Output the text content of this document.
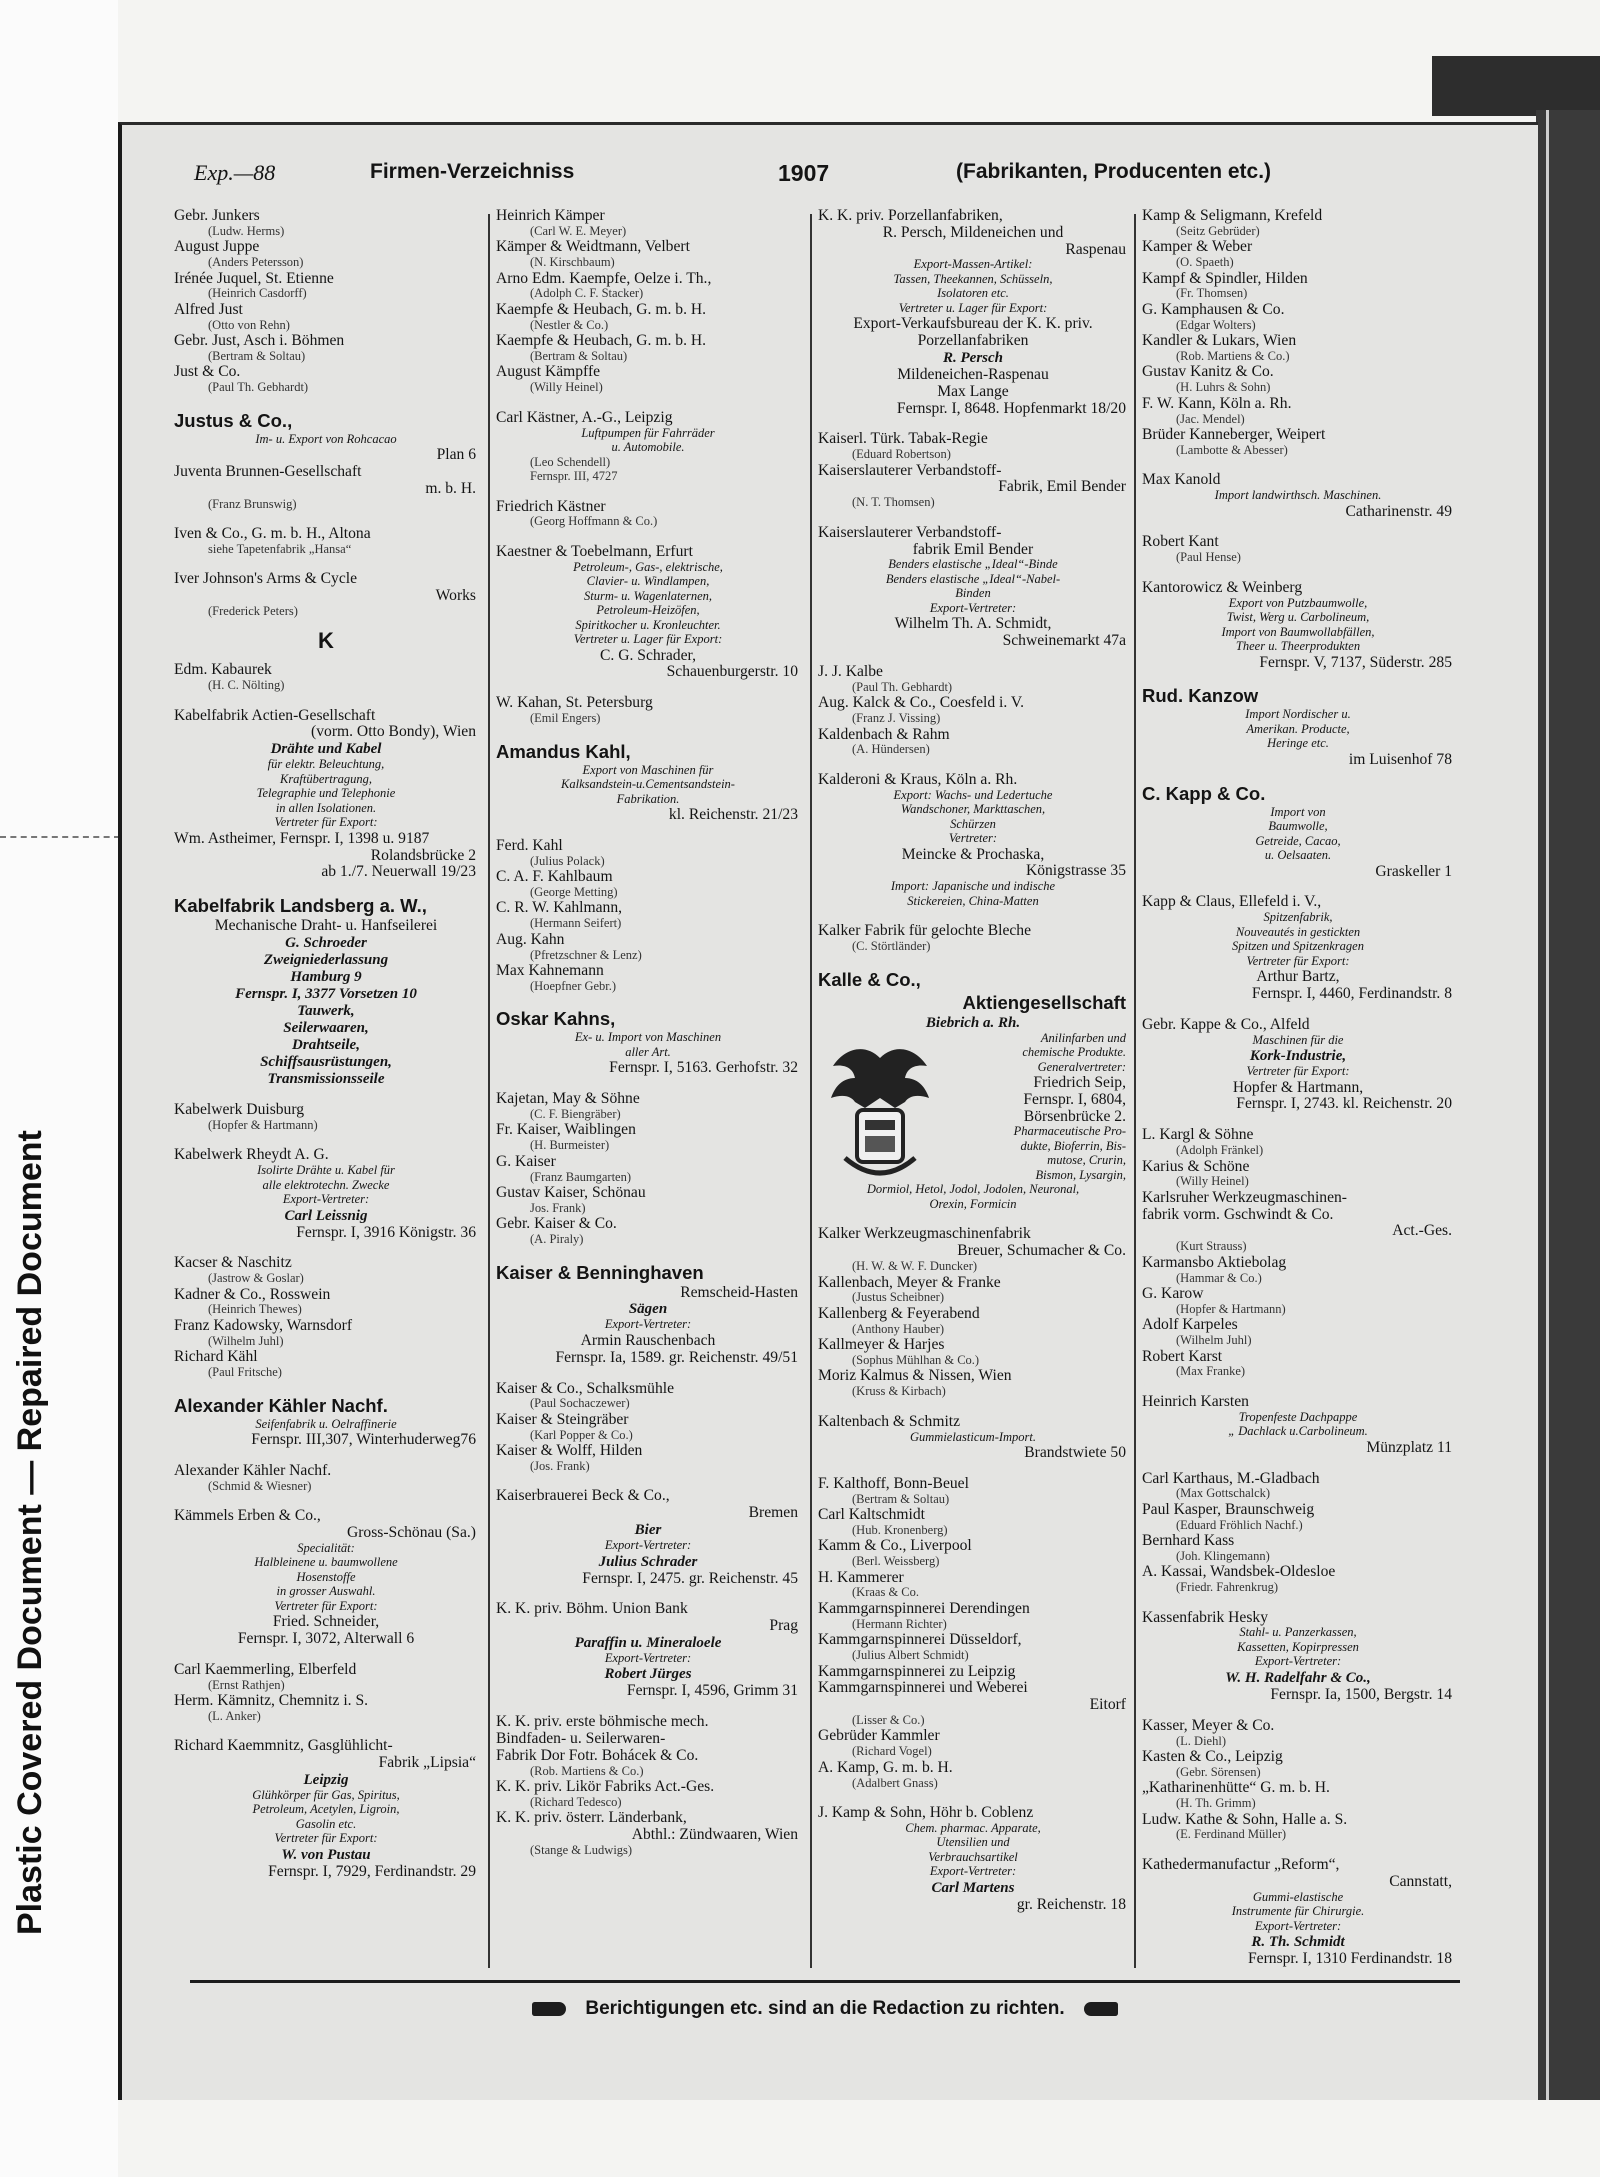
Plastic Covered Document — Repaired Document
Exp.—88	Firmen-Verzeichniss	1907	(Fabrikanten, Producenten etc.)

Gebr. Junkers

(Ludw. Herms)

August Juppe

(Anders Petersson)

Irénée Juquel, St. Etienne

(Heinrich Casdorff)

Alfred Just

(Otto von Rehn)

Gebr. Just, Asch i. Böhmen

(Bertram & Soltau)

Just & Co.

(Paul Th. Gebhardt)

Justus & Co.,

Im- u. Export von Rohcacao

Plan 6

Juventa Brunnen-Gesellschaft

m. b. H.

(Franz Brunswig)

Iven & Co., G. m. b. H., Altona

siehe Tapetenfabrik „Hansa“

Iver Johnson's Arms & Cycle

Works

(Frederick Peters)

K

Edm. Kabaurek

(H. C. Nölting)

Kabelfabrik Actien-Gesellschaft

(vorm. Otto Bondy), Wien

Drähte und Kabel

für elektr. Beleuchtung,

Kraftübertragung,

Telegraphie und Telephonie

in allen Isolationen.

Vertreter für Export:

Wm. Astheimer, Fernspr. I, 1398 u. 9187

Rolandsbrücke 2

ab 1./7. Neuerwall 19/23

Kabelfabrik Landsberg a. W.,

Mechanische Draht- u. Hanfseilerei

G. Schroeder

Zweigniederlassung

Hamburg 9

Fernspr. I, 3377 Vorsetzen 10

Tauwerk,

Seilerwaaren,

Drahtseile,

Schiffsausrüstungen,

Transmissionsseile

Kabelwerk Duisburg

(Hopfer & Hartmann)

Kabelwerk Rheydt A. G.

Isolirte Drähte u. Kabel für

alle elektrotechn. Zwecke

Export-Vertreter:

Carl Leissnig

Fernspr. I, 3916 Königstr. 36

Kacser & Naschitz

(Jastrow & Goslar)

Kadner & Co., Rosswein

(Heinrich Thewes)

Franz Kadowsky, Warnsdorf

(Wilhelm Juhl)

Richard Kähl

(Paul Fritsche)

Alexander Kähler Nachf.

Seifenfabrik u. Oelraffinerie

Fernspr. III,307, Winterhuderweg76

Alexander Kähler Nachf.

(Schmid & Wiesner)

Kämmels Erben & Co.,

Gross-Schönau (Sa.)

Specialität:

Halbleinene u. baumwollene

Hosenstoffe

in grosser Auswahl.

Vertreter für Export:

Fried. Schneider,

Fernspr. I, 3072, Alterwall 6

Carl Kaemmerling, Elberfeld

(Ernst Rathjen)

Herm. Kämnitz, Chemnitz i. S.

(L. Anker)

Richard Kaemmnitz, Gasglühlicht-

Fabrik „Lipsia“

Leipzig

Glühkörper für Gas, Spiritus,

Petroleum, Acetylen, Ligroin,

Gasolin etc.

Vertreter für Export:

W. von Pustau

Fernspr. I, 7929, Ferdinandstr. 29

Heinrich Kämper

(Carl W. E. Meyer)

Kämper & Weidtmann, Velbert

(N. Kirschbaum)

Arno Edm. Kaempfe, Oelze i. Th.,

(Adolph C. F. Stacker)

Kaempfe & Heubach, G. m. b. H.

(Nestler & Co.)

Kaempfe & Heubach, G. m. b. H.

(Bertram & Soltau)

August Kämpffe

(Willy Heinel)

Carl Kästner, A.-G., Leipzig

Luftpumpen für Fahrräder

u. Automobile.

(Leo Schendell)

Fernspr. III, 4727

Friedrich Kästner

(Georg Hoffmann & Co.)

Kaestner & Toebelmann, Erfurt

Petroleum-, Gas-, elektrische,

Clavier- u. Windlampen,

Sturm- u. Wagenlaternen,

Petroleum-Heizöfen,

Spiritkocher u. Kronleuchter.

Vertreter u. Lager für Export:

C. G. Schrader,

Schauenburgerstr. 10

W. Kahan, St. Petersburg

(Emil Engers)

Amandus Kahl,

Export von Maschinen für

Kalksandstein-u.Cementsandstein-

Fabrikation.

kl. Reichenstr. 21/23

Ferd. Kahl

(Julius Polack)

C. A. F. Kahlbaum

(George Metting)

C. R. W. Kahlmann,

(Hermann Seifert)

Aug. Kahn

(Pfretzschner & Lenz)

Max Kahnemann

(Hoepfner Gebr.)

Oskar Kahns,

Ex- u. Import von Maschinen

aller Art.

Fernspr. I, 5163. Gerhofstr. 32

Kajetan, May & Söhne

(C. F. Biengräber)

Fr. Kaiser, Waiblingen

(H. Burmeister)

G. Kaiser

(Franz Baumgarten)

Gustav Kaiser, Schönau

Jos. Frank)

Gebr. Kaiser & Co.

(A. Piraly)

Kaiser & Benninghaven

Remscheid-Hasten

Sägen

Export-Vertreter:

Armin Rauschenbach

Fernspr. Ia, 1589. gr. Reichenstr. 49/51

Kaiser & Co., Schalksmühle

(Paul Sochaczewer)

Kaiser & Steingräber

(Karl Popper & Co.)

Kaiser & Wolff, Hilden

(Jos. Frank)

Kaiserbrauerei Beck & Co.,

Bremen

Bier

Export-Vertreter:

Julius Schrader

Fernspr. I, 2475. gr. Reichenstr. 45

K. K. priv. Böhm. Union Bank

Prag

Paraffin u. Mineraloele

Export-Vertreter:

Robert Jürges

Fernspr. I, 4596, Grimm 31

K. K. priv. erste böhmische mech.

Bindfaden- u. Seilerwaren-

Fabrik Dor Fotr. Bohácek & Co.

(Rob. Martiens & Co.)

K. K. priv. Likör Fabriks Act.-Ges.

(Richard Tedesco)

K. K. priv. österr. Länderbank,

Abthl.: Zündwaaren, Wien

(Stange & Ludwigs)

K. K. priv. Porzellanfabriken,

R. Persch, Mildeneichen und

Raspenau

Export-Massen-Artikel:

Tassen, Theekannen, Schüsseln,

Isolatoren etc.

Vertreter u. Lager für Export:

Export-Verkaufsbureau der K. K. priv.

Porzellanfabriken

R. Persch

Mildeneichen-Raspenau

Max Lange

Fernspr. I, 8648. Hopfenmarkt 18/20

Kaiserl. Türk. Tabak-Regie

(Eduard Robertson)

Kaiserslauterer Verbandstoff-

Fabrik, Emil Bender

(N. T. Thomsen)

Kaiserslauterer Verbandstoff-

fabrik Emil Bender

Benders elastische „Ideal“-Binde

Benders elastische „Ideal“-Nabel-

Binden

Export-Vertreter:

Wilhelm Th. A. Schmidt,

Schweinemarkt 47a

J. J. Kalbe

(Paul Th. Gebhardt)

Aug. Kalck & Co., Coesfeld i. V.

(Franz J. Vissing)

Kaldenbach & Rahm

(A. Hündersen)

Kalderoni & Kraus, Köln a. Rh.

Export: Wachs- und Ledertuche

Wandschoner, Markttaschen,

Schürzen

Vertreter:

Meincke & Prochaska,

Königstrasse 35

Import: Japanische und indische

Stickereien, China-Matten

Kalker Fabrik für gelochte Bleche

(C. Störtländer)

Kalle & Co.,

Aktiengesellschaft

Biebrich a. Rh.

Anilinfarben und

chemische Produkte.

Generalvertreter:

Friedrich Seip,

Fernspr. I, 6804,

Börsenbrücke 2.

Pharmaceutische Pro-

dukte, Bioferrin, Bis-

mutose, Crurin,

Bismon, Lysargin,

Dormiol, Hetol, Jodol, Jodolen, Neuronal,

Orexin, Formicin

Kalker Werkzeugmaschinenfabrik

Breuer, Schumacher & Co.

(H. W. & W. F. Duncker)

Kallenbach, Meyer & Franke

(Justus Scheibner)

Kallenberg & Feyerabend

(Anthony Hauber)

Kallmeyer & Harjes

(Sophus Mühlhan & Co.)

Moriz Kalmus & Nissen, Wien

(Kruss & Kirbach)

Kaltenbach & Schmitz

Gummielasticum-Import.

Brandstwiete 50

F. Kalthoff, Bonn-Beuel

(Bertram & Soltau)

Carl Kaltschmidt

(Hub. Kronenberg)

Kamm & Co., Liverpool

(Berl. Weissberg)

H. Kammerer

(Kraas & Co.

Kammgarnspinnerei Derendingen

(Hermann Richter)

Kammgarnspinnerei Düsseldorf,

(Julius Albert Schmidt)

Kammgarnspinnerei zu Leipzig

Kammgarnspinnerei und Weberei

Eitorf

(Lisser & Co.)

Gebrüder Kammler

(Richard Vogel)

A. Kamp, G. m. b. H.

(Adalbert Gnass)

J. Kamp & Sohn, Höhr b. Coblenz

Chem. pharmac. Apparate,

Utensilien und

Verbrauchsartikel

Export-Vertreter:

Carl Martens

gr. Reichenstr. 18

Kamp & Seligmann, Krefeld

(Seitz Gebrüder)

Kamper & Weber

(O. Spaeth)

Kampf & Spindler, Hilden

(Fr. Thomsen)

G. Kamphausen & Co.

(Edgar Wolters)

Kandler & Lukars, Wien

(Rob. Martiens & Co.)

Gustav Kanitz & Co.

(H. Luhrs & Sohn)

F. W. Kann, Köln a. Rh.

(Jac. Mendel)

Brüder Kanneberger, Weipert

(Lambotte & Abesser)

Max Kanold

Import landwirthsch. Maschinen.

Catharinenstr. 49

Robert Kant

(Paul Hense)

Kantorowicz & Weinberg

Export von Putzbaumwolle,

Twist, Werg u. Carbolineum,

Import von Baumwollabfällen,

Theer u. Theerprodukten

Fernspr. V, 7137, Süderstr. 285

Rud. Kanzow

Import Nordischer u.

Amerikan. Producte,

Heringe etc.

im Luisenhof 78

C. Kapp & Co.

Import von

Baumwolle,

Getreide, Cacao,

u. Oelsaaten.

Graskeller 1

Kapp & Claus, Ellefeld i. V.,

Spitzenfabrik,

Nouveautés in gestickten

Spitzen und Spitzenkragen

Vertreter für Export:

Arthur Bartz,

Fernspr. I, 4460, Ferdinandstr. 8

Gebr. Kappe & Co., Alfeld

Maschinen für die

Kork-Industrie,

Vertreter für Export:

Hopfer & Hartmann,

Fernspr. I, 2743. kl. Reichenstr. 20

L. Kargl & Söhne

(Adolph Fränkel)

Karius & Schöne

(Willy Heinel)

Karlsruher Werkzeugmaschinen-

fabrik vorm. Gschwindt & Co.

Act.-Ges.

(Kurt Strauss)

Karmansbo Aktiebolag

(Hammar & Co.)

G. Karow

(Hopfer & Hartmann)

Adolf Karpeles

(Wilhelm Juhl)

Robert Karst

(Max Franke)

Heinrich Karsten

Tropenfeste Dachpappe

„ Dachlack u.Carbolineum.

Münzplatz 11

Carl Karthaus, M.-Gladbach

(Max Gottschalck)

Paul Kasper, Braunschweig

(Eduard Fröhlich Nachf.)

Bernhard Kass

(Joh. Klingemann)

A. Kassai, Wandsbek-Oldesloe

(Friedr. Fahrenkrug)

Kassenfabrik Hesky

Stahl- u. Panzerkassen,

Kassetten, Kopirpressen

Export-Vertreter:

W. H. Radelfahr & Co.,

Fernspr. Ia, 1500, Bergstr. 14

Kasser, Meyer & Co.

(L. Diehl)

Kasten & Co., Leipzig

(Gebr. Sörensen)

„Katharinenhütte“ G. m. b. H.

(H. Th. Grimm)

Ludw. Kathe & Sohn, Halle a. S.

(E. Ferdinand Müller)

Kathedermanufactur „Reform“,

Cannstatt,

Gummi-elastische

Instrumente für Chirurgie.

Export-Vertreter:

R. Th. Schmidt

Fernspr. I, 1310 Ferdinandstr. 18

Berichtigungen etc. sind an die Redaction zu richten.
